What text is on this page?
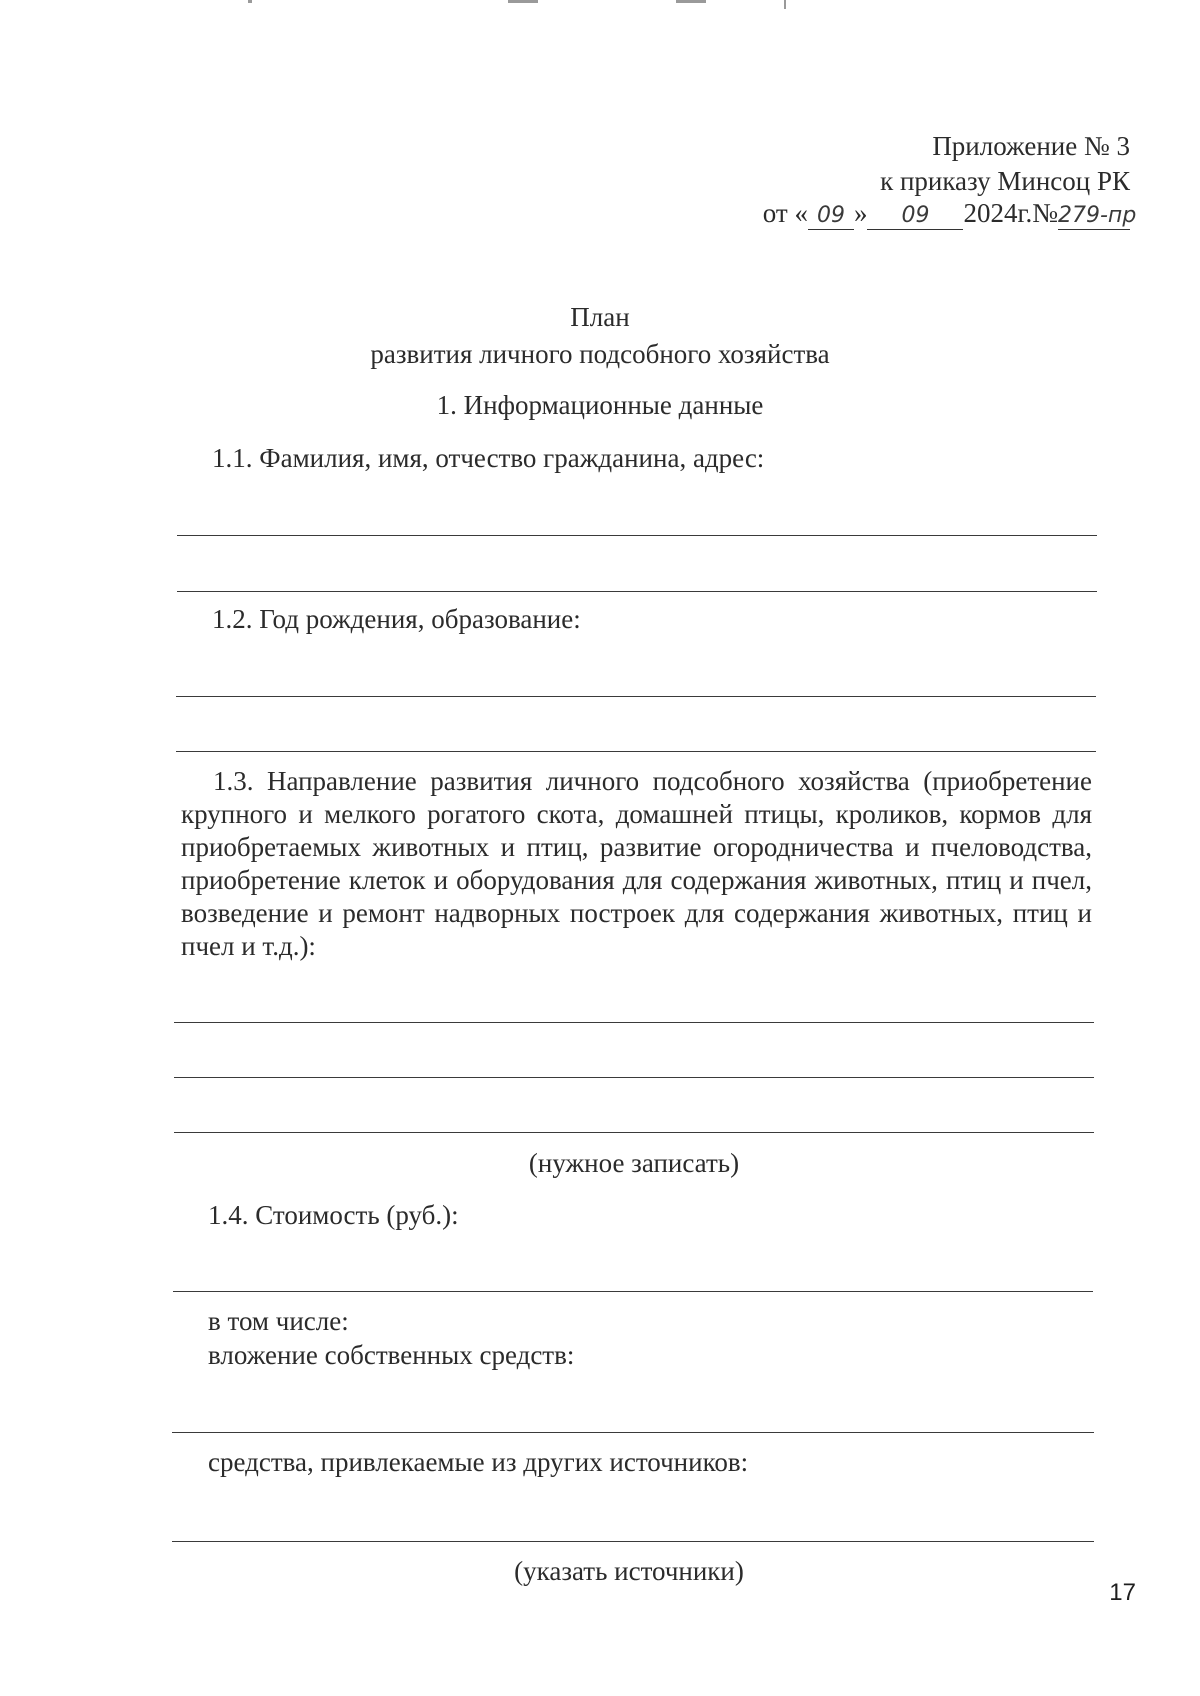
Приложение № 3
к приказу Минсоц РК
от « 09 » 09 2024г.№279-пр
План
развития личного подсобного хозяйства
1. Информационные данные
1.1. Фамилия, имя, отчество гражданина, адрес:
1.2. Год рождения, образование:
1.3. Направление развития личного подсобного хозяйства (приобретение крупного и мелкого рогатого скота, домашней птицы, кроликов, кормов для приобретаемых животных и птиц, развитие огородничества и пчеловодства, приобретение клеток и оборудования для содержания животных, птиц и пчел, возведение и ремонт надворных построек для содержания животных, птиц и пчел и т.д.):
(нужное записать)
1.4. Стоимость (руб.):
в том числе:
вложение собственных средств:
средства, привлекаемые из других источников:
(указать источники)
17
